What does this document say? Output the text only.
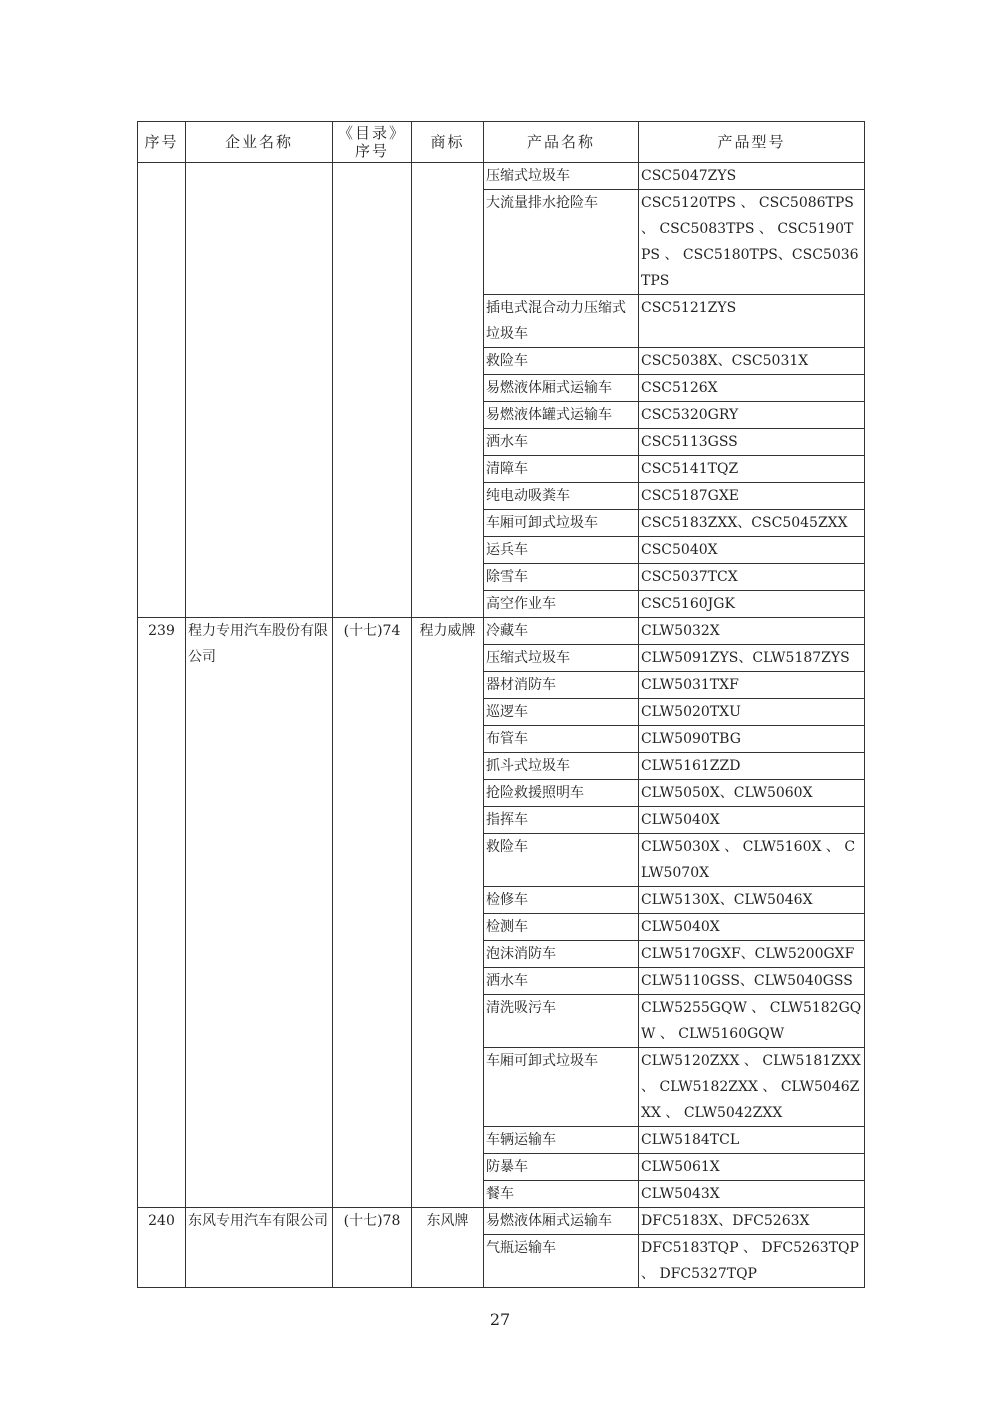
序号	企业名称	《目录》序号	商标	产品名称	产品型号
				压缩式垃圾车	CSC5047ZYS
				大流量排水抢险车	CSC5120TPS 、 CSC5086TPS 、 CSC5083TPS 、 CSC5190TPS 、 CSC5180TPS、CSC5036TPS
				插电式混合动力压缩式垃圾车	CSC5121ZYS
				救险车	CSC5038X、CSC5031X
				易燃液体厢式运输车	CSC5126X
				易燃液体罐式运输车	CSC5320GRY
				洒水车	CSC5113GSS
				清障车	CSC5141TQZ
				纯电动吸粪车	CSC5187GXE
				车厢可卸式垃圾车	CSC5183ZXX、CSC5045ZXX
				运兵车	CSC5040X
				除雪车	CSC5037TCX
				高空作业车	CSC5160JGK
239	程力专用汽车股份有限公司	(十七)74	程力威牌	冷藏车	CLW5032X
				压缩式垃圾车	CLW5091ZYS、CLW5187ZYS
				器材消防车	CLW5031TXF
				巡逻车	CLW5020TXU
				布管车	CLW5090TBG
				抓斗式垃圾车	CLW5161ZZD
				抢险救援照明车	CLW5050X、CLW5060X
				指挥车	CLW5040X
				救险车	CLW5030X 、 CLW5160X 、 CLW5070X
				检修车	CLW5130X、CLW5046X
				检测车	CLW5040X
				泡沫消防车	CLW5170GXF、CLW5200GXF
				洒水车	CLW5110GSS、CLW5040GSS
				清洗吸污车	CLW5255GQW 、 CLW5182GQW 、 CLW5160GQW
				车厢可卸式垃圾车	CLW5120ZXX 、 CLW5181ZXX 、 CLW5182ZXX 、 CLW5046ZXX 、 CLW5042ZXX
				车辆运输车	CLW5184TCL
				防暴车	CLW5061X
				餐车	CLW5043X
240	东风专用汽车有限公司	(十七)78	东风牌	易燃液体厢式运输车	DFC5183X、DFC5263X
				气瓶运输车	DFC5183TQP 、 DFC5263TQP 、 DFC5327TQP
27
